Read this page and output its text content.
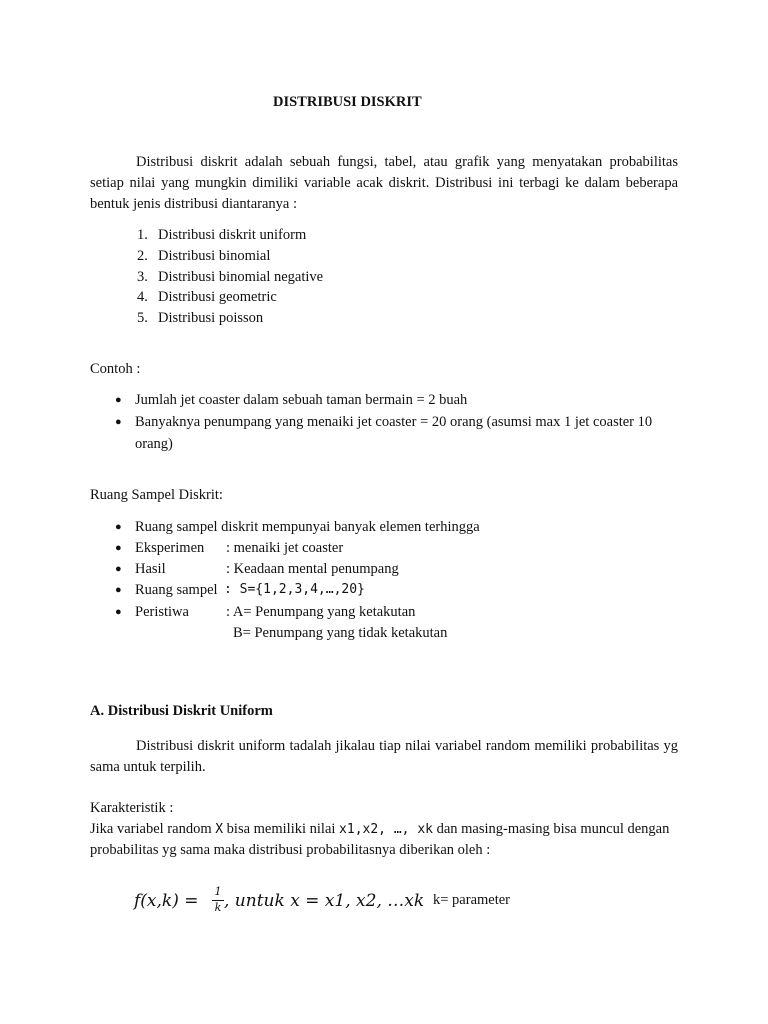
DISTRIBUSI DISKRIT
Distribusi diskrit adalah sebuah fungsi, tabel, atau grafik yang menyatakan probabilitas setiap nilai yang mungkin dimiliki variable acak diskrit. Distribusi ini terbagi ke dalam beberapa bentuk jenis distribusi diantaranya :
1. Distribusi diskrit uniform
2. Distribusi binomial
3. Distribusi binomial negative
4. Distribusi geometric
5. Distribusi poisson
Contoh :
● Jumlah jet coaster dalam sebuah taman bermain = 2 buah
● Banyaknya penumpang yang menaiki jet coaster = 20 orang (asumsi max 1 jet coaster 10
orang)
Ruang Sampel Diskrit:
● Ruang sampel diskrit mempunyai banyak elemen terhingga
● Eksperimen : menaiki jet coaster
● Hasil	: Keadaan mental penumpang
● Ruang sampel : S={1,2,3,4,…,20}
● Peristiwa	: A= Penumpang yang ketakutan
B= Penumpang yang tidak ketakutan
A. Distribusi Diskrit Uniform
Distribusi diskrit uniform tadalah jikalau tiap nilai variabel random memiliki probabilitas yg sama untuk terpilih.
Karakteristik :
Jika variabel random X bisa memiliki nilai x1,x2, …, xk dan masing-masing bisa muncul dengan
probabilitas yg sama maka distribusi probabilitasnya diberikan oleh :
f(x,k) = 1
k , untuk x = x1, x2, …xk k= parameter
